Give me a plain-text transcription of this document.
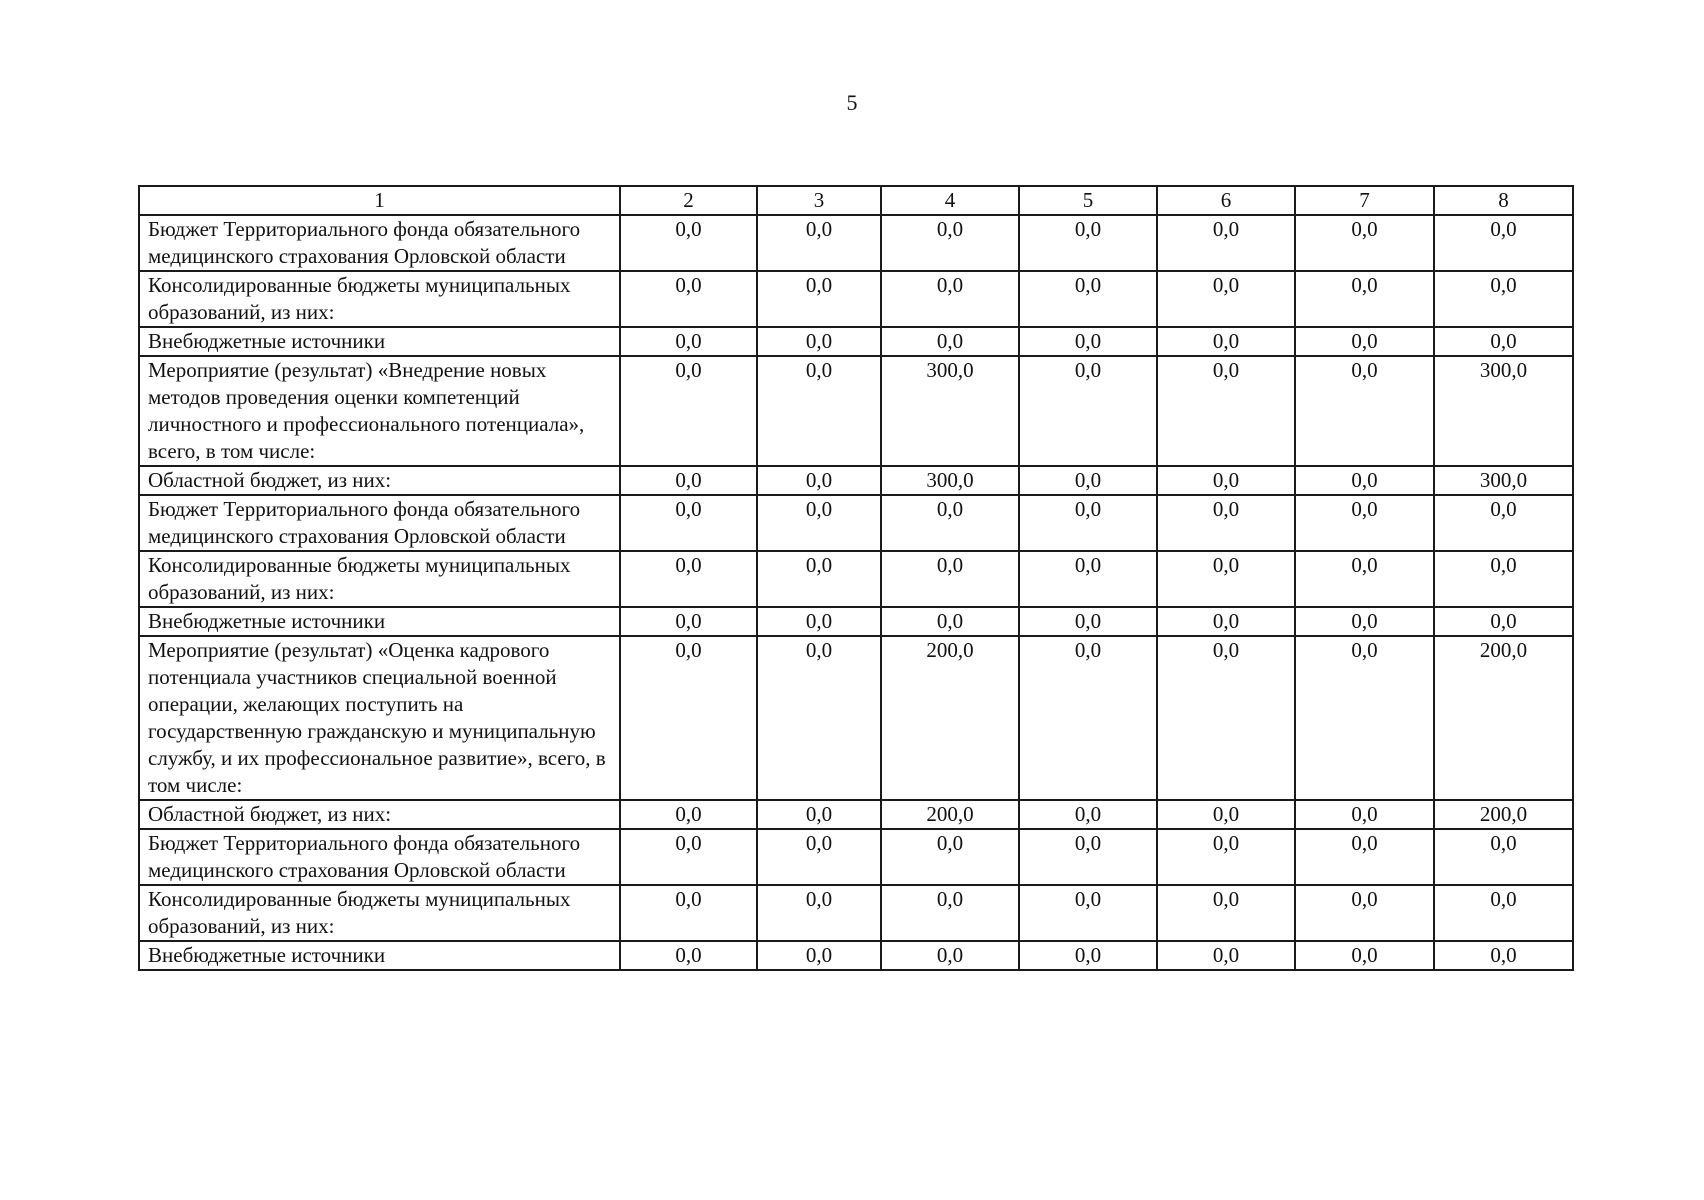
5
1	2	3	4	5	6	7	8
Бюджет Территориального фонда обязательного медицинского страхования Орловской области	0,0	0,0	0,0	0,0	0,0	0,0	0,0
Консолидированные бюджеты муниципальных образований, из них:	0,0	0,0	0,0	0,0	0,0	0,0	0,0
Внебюджетные источники	0,0	0,0	0,0	0,0	0,0	0,0	0,0
Мероприятие (результат) «Внедрение новых методов проведения оценки компетенций личностного и профессионального потенциала», всего, в том числе:	0,0	0,0	300,0	0,0	0,0	0,0	300,0
Областной бюджет, из них:	0,0	0,0	300,0	0,0	0,0	0,0	300,0
Бюджет Территориального фонда обязательного медицинского страхования Орловской области	0,0	0,0	0,0	0,0	0,0	0,0	0,0
Консолидированные бюджеты муниципальных образований, из них:	0,0	0,0	0,0	0,0	0,0	0,0	0,0
Внебюджетные источники	0,0	0,0	0,0	0,0	0,0	0,0	0,0
Мероприятие (результат) «Оценка кадрового потенциала участников специальной военной операции, желающих поступить на государственную гражданскую и муниципальную службу, и их профессиональное развитие», всего, в том числе:	0,0	0,0	200,0	0,0	0,0	0,0	200,0
Областной бюджет, из них:	0,0	0,0	200,0	0,0	0,0	0,0	200,0
Бюджет Территориального фонда обязательного медицинского страхования Орловской области	0,0	0,0	0,0	0,0	0,0	0,0	0,0
Консолидированные бюджеты муниципальных образований, из них:	0,0	0,0	0,0	0,0	0,0	0,0	0,0
Внебюджетные источники	0,0	0,0	0,0	0,0	0,0	0,0	0,0
